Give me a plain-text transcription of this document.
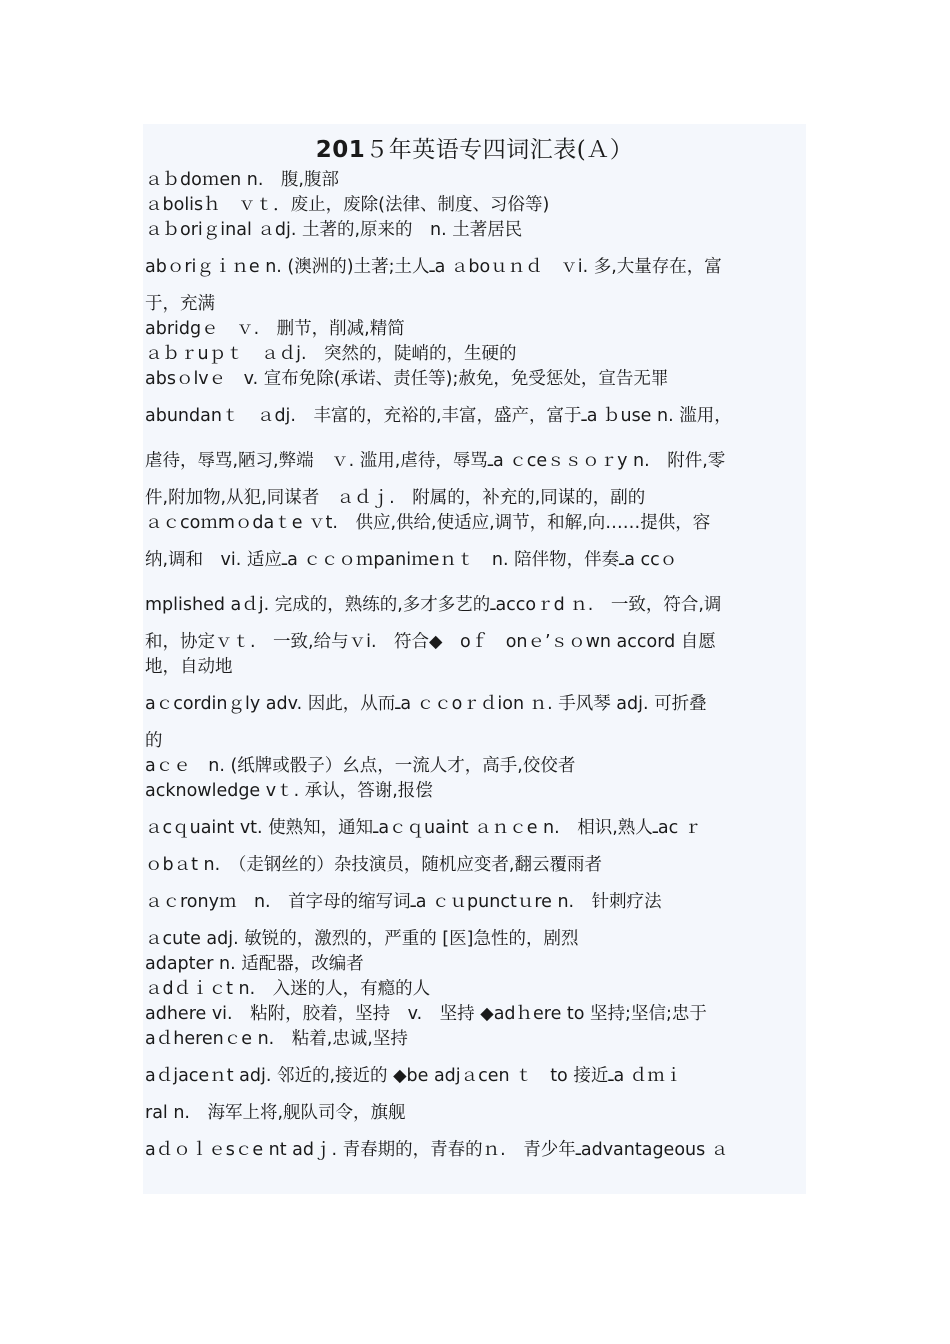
201５年英语专四词汇表(Ａ）
ａｂdoｍen n.　腹,腹部
ａbolisｈ　ｖｔ．废止，废除(法律、制度、习俗等)
ａｂoriｇinal ａdj. 土著的,原来的　n. 土著居民
abｏriｇｉｎe n. (澳洲的)土著;土人ـa ａboｕｎｄ　ｖi. 多,大量存在，富
于，充满
abridgｅ　ｖ.　删节，削减,精简
ａｂｒuｐｔ　ａｄj.　突然的，陡峭的，生硬的
absｏlvｅ　v. 宣布免除(承诺、责任等);赦免，免受惩处，宣告无罪
abundanｔ　ａdj.　丰富的，充裕的,丰富，盛产，富于ـa ｂuse n. 滥用，
虐待，辱骂,陋习,弊端　ｖ. 滥用,虐待，辱骂ـa ｃceｓｓｏｒy n.　附件,零
件,附加物,从犯,同谋者　ａｄｊ.　附属的，补充的,同谋的，副的
ａｃcoｍmｏdaｔe ｖt.　供应,供给,使适应,调节，和解,向……提供，容
纳,调和　vi. 适应ـa ｃｃｏｍpaniｍeｎｔ　n. 陪伴物，伴奏ـa ccｏ
mplished aｄj. 完成的，熟练的,多才多艺的ـaccoｒd ｎ.　一致，符合,调
和，协定ｖｔ.　一致,给与ｖi.　符合◆　oｆ　onｅ’ｓｏwn accord 自愿
地，自动地
aｃcordinｇly adv. 因此，从而ـa ｃｃoｒｄion ｎ. 手风琴 adj. 可折叠
的
aｃｅ　n. (纸牌或骰子）幺点，一流人才，高手,佼佼者
acknowledge vｔ. 承认，答谢,报偿
ａcｑuaint vt. 使熟知，通知ـaｃｑuaint ａｎｃe n.　相识,熟人ـac ｒ
ｏbａt n.　（走钢丝的）杂技演员，随机应变者,翻云覆雨者
ａｃronyｍ　n.　首字母的缩写词ـa ｃｕpunctｕre n.　针刺疗法
ａcute adj. 敏锐的，激烈的，严重的 [医]急性的，剧烈
adapter n. 适配器，改编者
ａdｄｉｃt n.　入迷的人，有瘾的人
adhere vi.　粘附，胶着，坚持　v.　坚持 ◆adｈere to 坚持;坚信;忠于
aｄherenｃe n.　粘着,忠诚,坚持
aｄjaceｎt adj. 邻近的,接近的 ◆be adjａcen ｔ　to 接近ـa ｄｍｉ
ral n.　海军上将,舰队司令，旗舰
aｄｏｌｅsｃe nt adｊ. 青春期的，青春的ｎ.　青少年ـadvantageous ａ
